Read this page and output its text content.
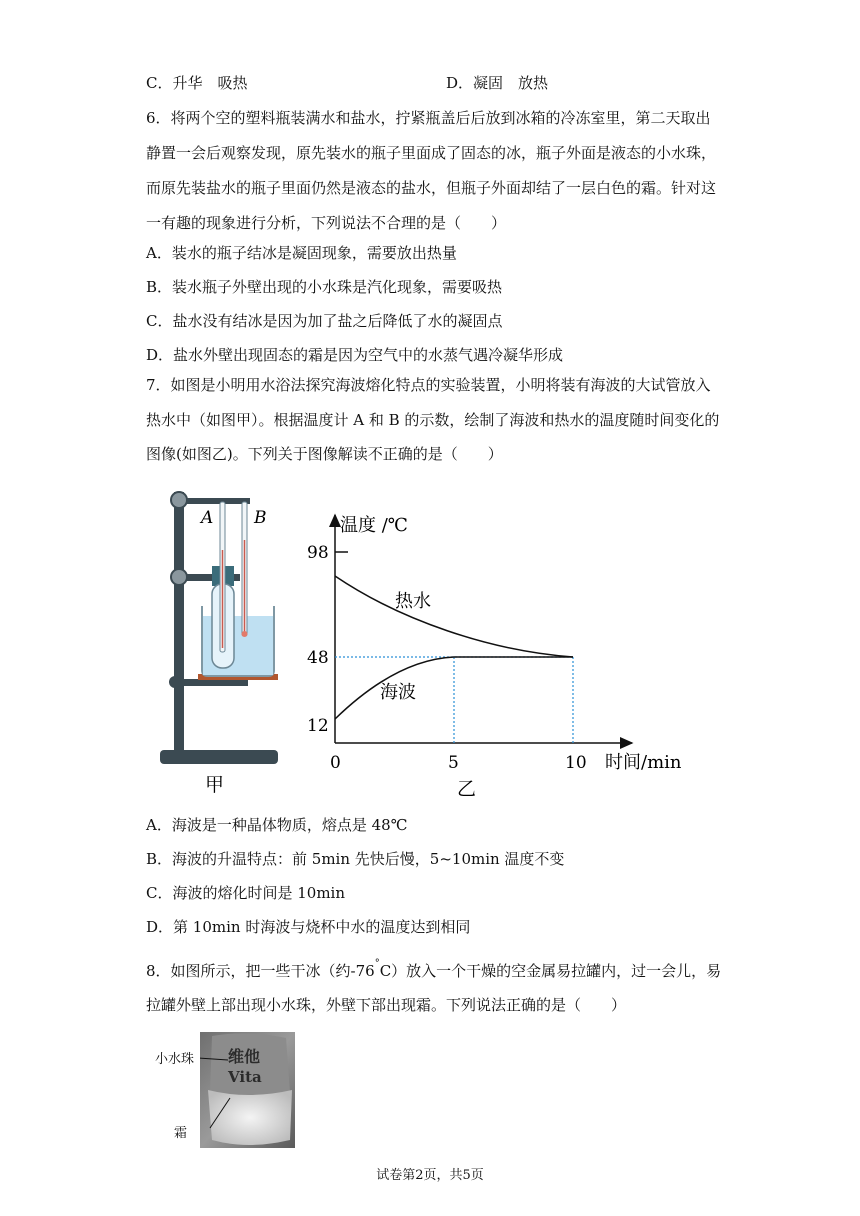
C．升华　吸热	D．凝固　放热
6．将两个空的塑料瓶装满水和盐水，拧紧瓶盖后后放到冰箱的冷冻室里，第二天取出
静置一会后观察发现，原先装水的瓶子里面成了固态的冰，瓶子外面是液态的小水珠，
而原先装盐水的瓶子里面仍然是液态的盐水，但瓶子外面却结了一层白色的霜。针对这
一有趣的现象进行分析，下列说法不合理的是（　　）
A．装水的瓶子结冰是凝固现象，需要放出热量
B．装水瓶子外壁出现的小水珠是汽化现象，需要吸热
C．盐水没有结冰是因为加了盐之后降低了水的凝固点
D．盐水外壁出现固态的霜是因为空气中的水蒸气遇冷凝华形成
7．如图是小明用水浴法探究海波熔化特点的实验装置，小明将装有海波的大试管放入
热水中（如图甲）。根据温度计 A 和 B 的示数，绘制了海波和热水的温度随时间变化的
图像(如图乙)。下列关于图像解读不正确的是（　　）
A B
甲
温度 /℃
时间/min
98
48
12
0	5	10
热水
海波
乙
A．海波是一种晶体物质，熔点是 48℃
B．海波的升温特点：前 5min 先快后慢，5~10min 温度不变
C．海波的熔化时间是 10min
D．第 10min 时海波与烧杯中水的温度达到相同
8．如图所示，把一些干冰（约-76°C）放入一个干燥的空金属易拉罐内，过一会儿，易
拉罐外壁上部出现小水珠，外壁下部出现霜。下列说法正确的是（　　）
小水珠
霜
维他
Vita
试卷第2页，共5页
